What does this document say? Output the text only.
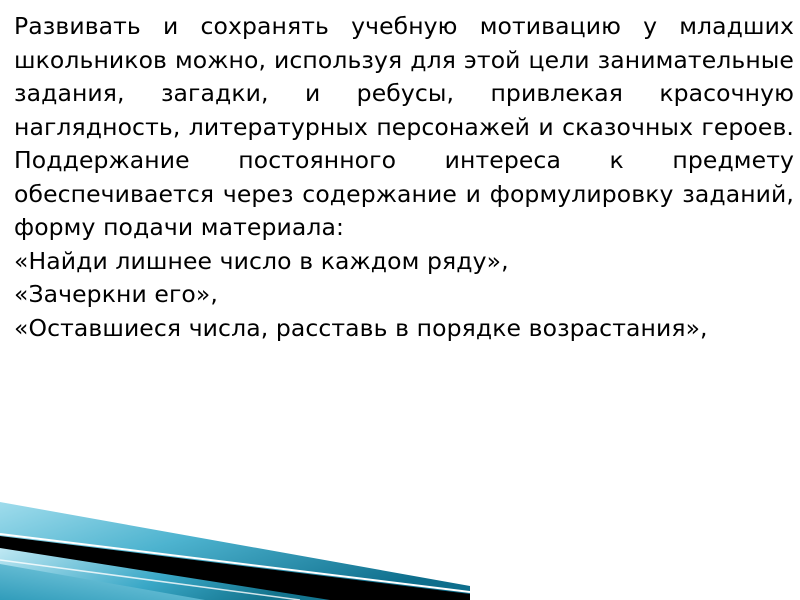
Развивать и сохранять учебную мотивацию у младших школьников можно, используя для этой цели занимательные задания, загадки, и ребусы, привлекая красочную наглядность, литературных персонажей и сказочных героев. Поддержание постоянного интереса к предмету обеспечивается через содержание и формулировку заданий, форму подачи материала:

«Найди лишнее число в каждом ряду»,

«Зачеркни его»,

«Оставшиеся числа, расставь в порядке возрастания»,
